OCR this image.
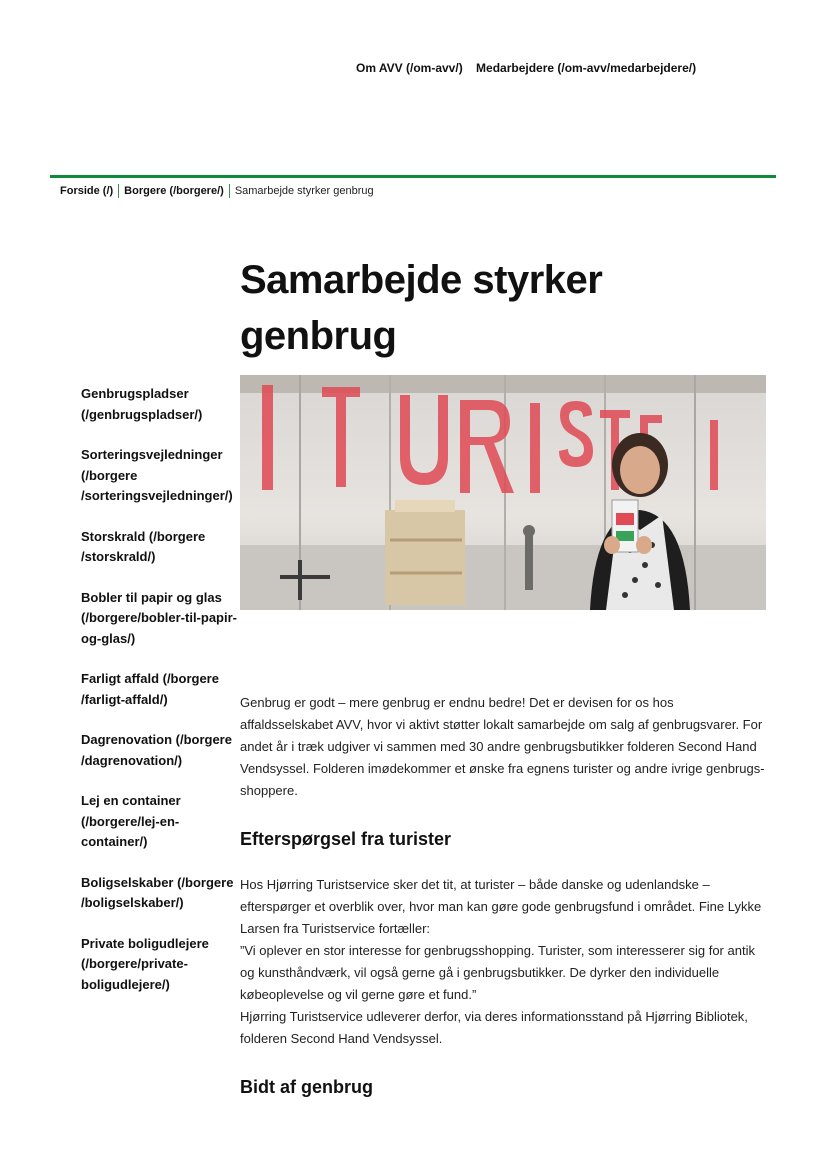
Om AVV (/om-avv/) Medarbejdere (/om-avv/medarbejdere/)
Forside (/) Borgere (/borgere/) Samarbejde styrker genbrug
Samarbejde styrker genbrug
Genbrugspladser (/genbrugspladser/)
Sorteringsvejledninger (/borgere /sorteringsvejledninger/)
Storskrald (/borgere /storskrald/)
Bobler til papir og glas (/borgere/bobler-til-papir-og-glas/)
Farligt affald (/borgere /farligt-affald/)
Dagrenovation (/borgere /dagrenovation/)
Lej en container (/borgere/lej-en-container/)
Boligselskaber (/borgere /boligselskaber/)
Private boligudlejere (/borgere/private-boligudlejere/)

Genbrug er godt – mere genbrug er endnu bedre! Det er devisen for os hos affaldsselskabet AVV, hvor vi aktivt støtter lokalt samarbejde om salg af genbrugsvarer. For andet år i træk udgiver vi sammen med 30 andre genbrugsbutikker folderen Second Hand Vendsyssel. Folderen imødekommer et ønske fra egnens turister og andre ivrige genbrugs-shoppere.

Efterspørgsel fra turister

Hos Hjørring Turistservice sker det tit, at turister – både danske og udenlandske – efterspørger et overblik over, hvor man kan gøre gode genbrugsfund i området. Fine Lykke Larsen fra Turistservice fortæller:

”Vi oplever en stor interesse for genbrugsshopping. Turister, som interesserer sig for antik og kunsthåndværk, vil også gerne gå i genbrugsbutikker. De dyrker den individuelle købeoplevelse og vil gerne gøre et fund.”

Hjørring Turistservice udleverer derfor, via deres informationsstand på Hjørring Bibliotek, folderen Second Hand Vendsyssel.

Bidt af genbrug
